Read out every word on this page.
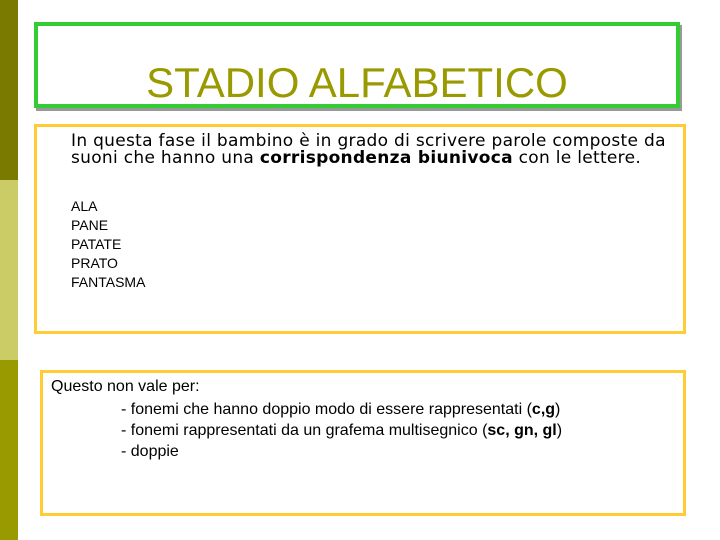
STADIO ALFABETICO
In questa fase il bambino è in grado di scrivere parole composte da suoni che hanno una corrispondenza biunivoca con le lettere.
ALA
PANE
PATATE
PRATO
FANTASMA
Questo non vale per:
- fonemi che hanno doppio modo di essere rappresentati (c,g)
- fonemi rappresentati da un grafema multisegnico (sc, gn, gl)
- doppie
